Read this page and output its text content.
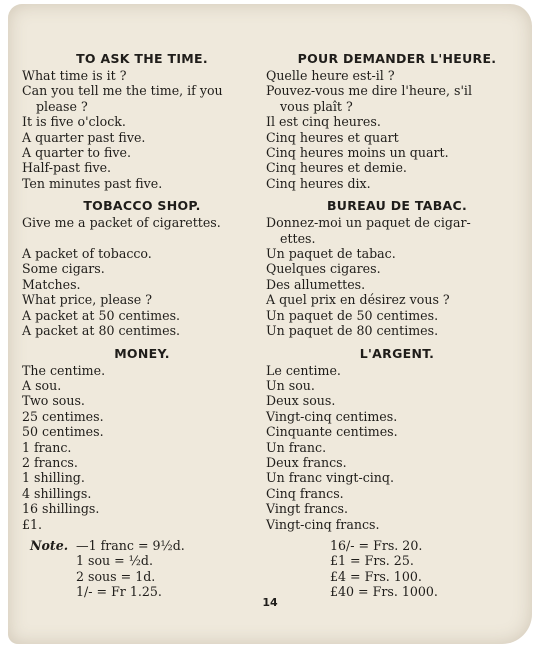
TO ASK THE TIME.
What time is it ?
Can you tell me the time, if you
please ?
It is five o'clock.
A quarter past five.
A quarter to five.
Half-past five.
Ten minutes past five.
TOBACCO SHOP.
Give me a packet of cigarettes.

A packet of tobacco.
Some cigars.
Matches.
What price, please ?
A packet at 50 centimes.
A packet at 80 centimes.
MONEY.
The centime.
A sou.
Two sous.
25 centimes.
50 centimes.
1 franc.
2 francs.
1 shilling.
4 shillings.
16 shillings.
£1.
Note. —1 franc = 9½d.
1 sou = ½d.
2 sous = 1d.
1/- = Fr 1.25.
POUR DEMANDER L'HEURE.
Quelle heure est-il ?
Pouvez-vous me dire l'heure, s'il
vous plaît ?
Il est cinq heures.
Cinq heures et quart
Cinq heures moins un quart.
Cinq heures et demie.
Cinq heures dix.
BUREAU DE TABAC.
Donnez-moi un paquet de cigar-
ettes.
Un paquet de tabac.
Quelques cigares.
Des allumettes.
A quel prix en désirez vous ?
Un paquet de 50 centimes.
Un paquet de 80 centimes.
L'ARGENT.
Le centime.
Un sou.
Deux sous.
Vingt-cinq centimes.
Cinquante centimes.
Un franc.
Deux francs.
Un franc vingt-cinq.
Cinq francs.
Vingt francs.
Vingt-cinq francs.
16/- = Frs. 20.
£1 = Frs. 25.
£4 = Frs. 100.
£40 = Frs. 1000.
14
